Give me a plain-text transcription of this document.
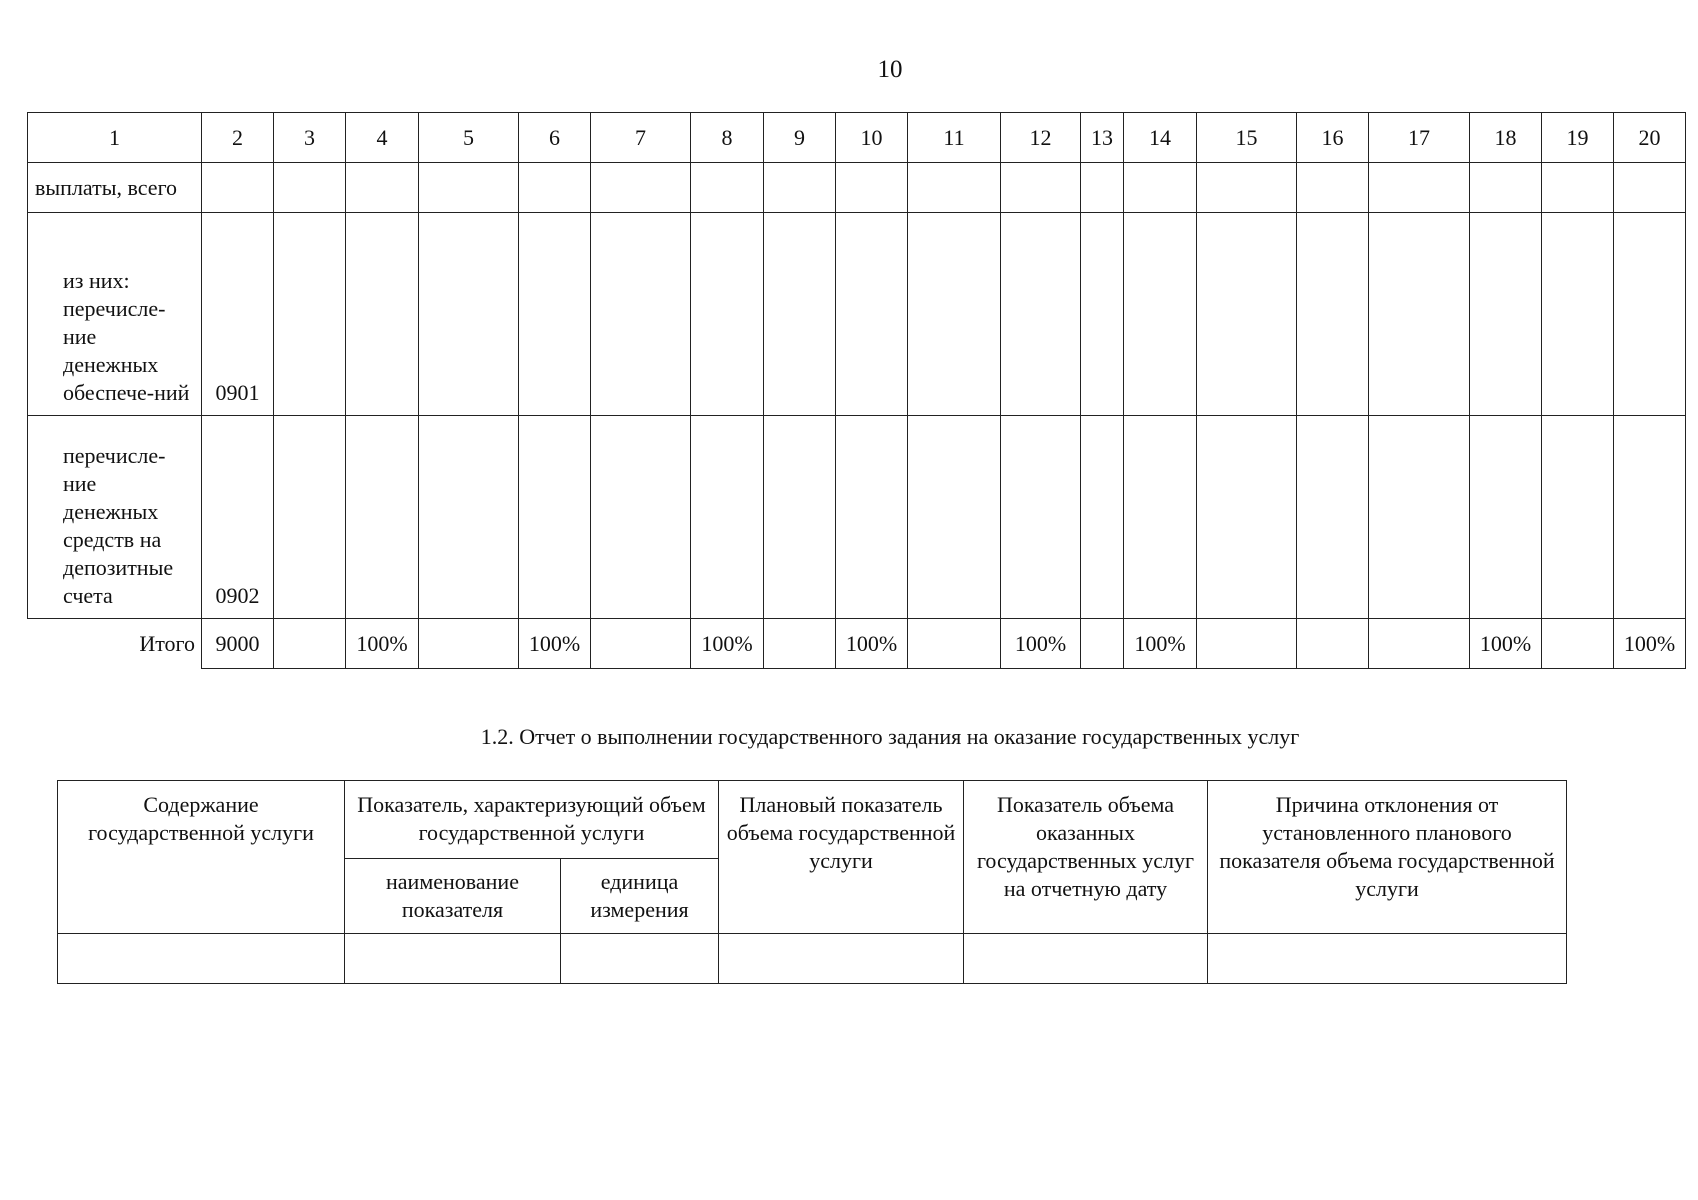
10
1	2	3	4	5	6	7	8	9	10	11	12	13	14	15	16	17	18	19	20
выплаты, всего																			
из них: перечисле-ние денежных обеспече-ний	0901																		
перечисле-ние денежных средств на депозитные счета	0902																		
Итого	9000		100%		100%		100%		100%		100%		100%				100%		100%
1.2. Отчет о выполнении государственного задания на оказание государственных услуг
Содержание государственной услуги	Показатель, характеризующий объем государственной услуги		Плановый показатель объема государственной услуги	Показатель объема оказанных государственных услуг на отчетную дату	Причина отклонения от установленного планового показателя объема государственной услуги
	наименование показателя	единица измерения			
